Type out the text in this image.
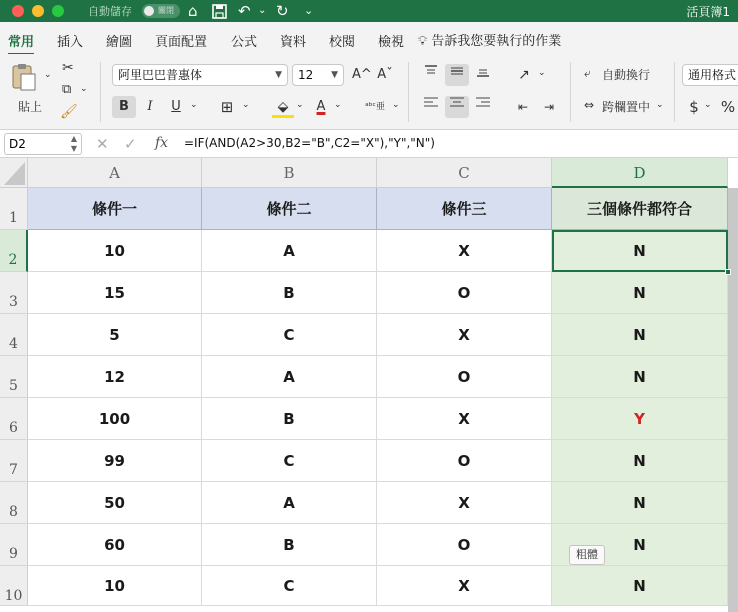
自動儲存	關閉 ⌂	↶ ⌄ ↻ ⌄	活頁簿1
常用 插入 繪圖 頁面配置 公式 資料 校閱 檢視 💡︎ 告訴我您要執行的作業
⌄
貼上
✂
⧉ ⌄
🖌︎
阿里巴巴普惠体	▼	12 ▼ A^ Aˇ
B	I	U	⌄	⊞ ⌄	⬙ ⌄	A ⌄	ᵃᵇᶜ亜 ⌄
↗ ⌄
⇤	⇥
⤶ 自動換行
⇔ 跨欄置中 ⌄
通用格式
$ ⌄ %
D2	▲
▼ ✕ ✓ fx =IF(AND(A2>30,B2="B",C2="X"),"Y","N")
A	B	C	D
1
2
3
4
5
6
7
8
9
10
條件一	條件二	條件三	三個條件都符合
10	A	X	N
15	B	O	N
5	C	X	N
12	A	O	N
100	B	X	Y
99	C	O	N
50	A	X	N
60	B	O	N
10	C	X	N
粗體
